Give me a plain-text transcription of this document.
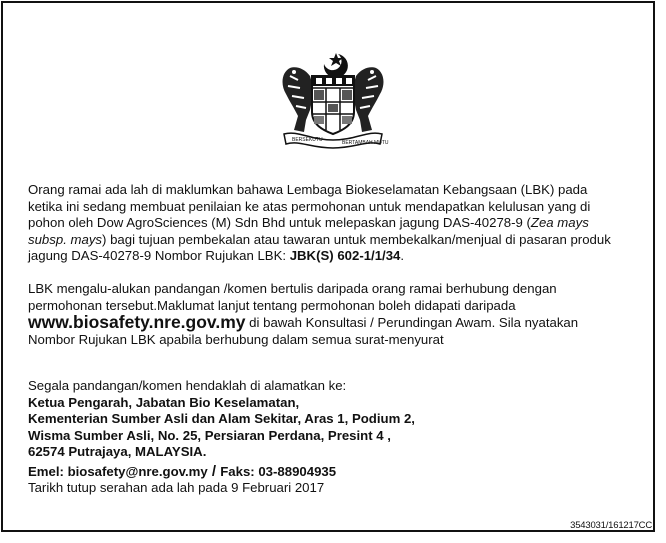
BERSEKUTU	BERTAMBAH MUTU
Orang ramai ada lah di maklumkan bahawa Lembaga Biokeselamatan Kebangsaan (LBK) pada
ketika ini sedang membuat penilaian ke atas permohonan untuk mendapatkan kelulusan yang di
pohon oleh Dow AgroSciences (M) Sdn Bhd untuk melepaskan jagung DAS-40278-9 (Zea mays
subsp. mays) bagi tujuan pembekalan atau tawaran untuk membekalkan/menjual di pasaran produk
jagung DAS-40278-9 Nombor Rujukan LBK: JBK(S) 602-1/1/34.
LBK mengalu-alukan pandangan /komen bertulis daripada orang ramai berhubung dengan
permohonan tersebut.Maklumat lanjut tentang permohonan boleh didapati daripada
www.biosafety.nre.gov.my di bawah Konsultasi / Perundingan Awam. Sila nyatakan
Nombor Rujukan LBK apabila berhubung dalam semua surat-menyurat
Segala pandangan/komen hendaklah di alamatkan ke:
Ketua Pengarah, Jabatan Bio Keselamatan,
Kementerian Sumber Asli dan Alam Sekitar, Aras 1, Podium 2,
Wisma Sumber Asli, No. 25, Persiaran Perdana, Presint 4 ,
62574 Putrajaya, MALAYSIA.
Emel: biosafety@nre.gov.my / Faks: 03-88904935
Tarikh tutup serahan ada lah pada 9 Februari 2017
3543031/161217CC
